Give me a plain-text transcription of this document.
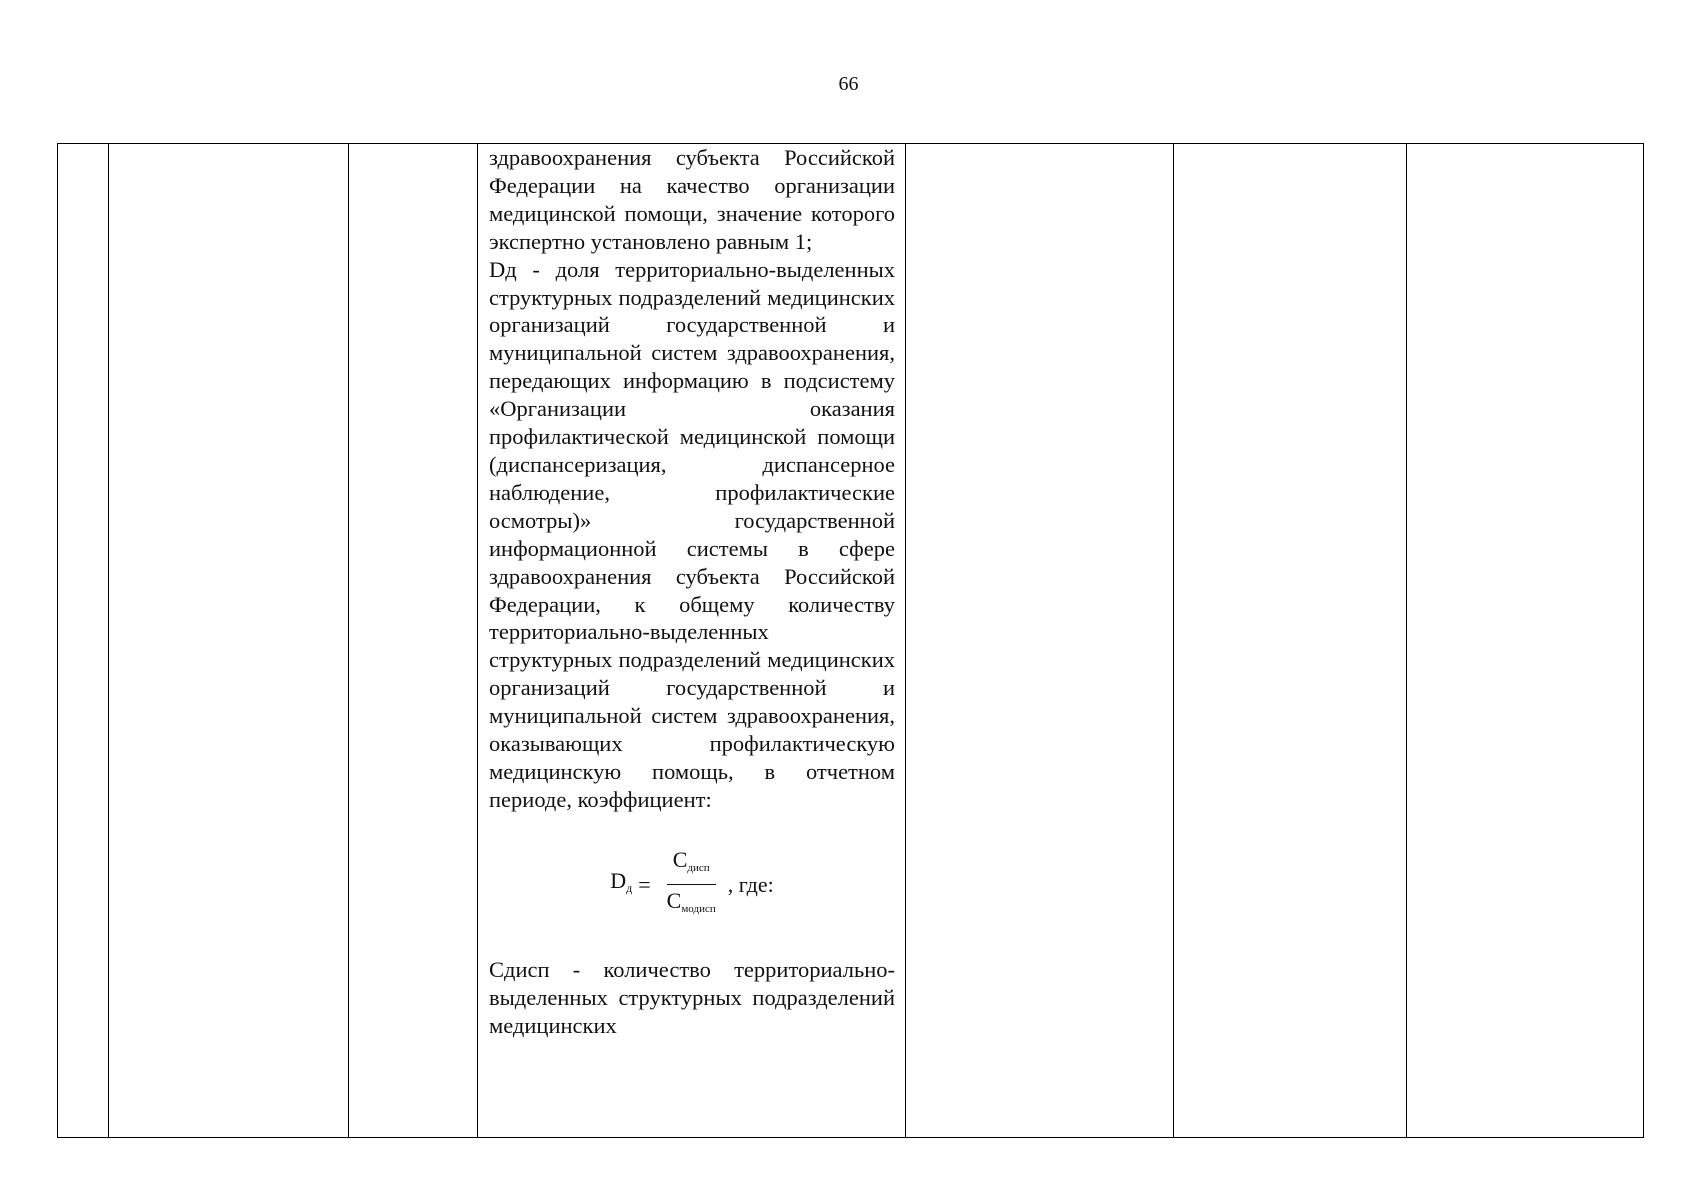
66

здравоохранения субъекта Российской Федерации на качество организации медицинской помощи, значение которого экспертно установлено равным 1;

Dд - доля территориально-выделенных структурных подразделений медицинских организаций государственной и муниципальной систем здравоохранения, передающих информацию в подсистему «Организации оказания профилактической медицинской помощи (диспансеризация, диспансерное наблюдение, профилактические осмотры)» государственной информационной системы в сфере здравоохранения субъекта Российской Федерации, к общему количеству территориально-выделенных структурных подразделений медицинских организаций государственной и муниципальной систем здравоохранения, оказывающих профилактическую медицинскую помощь, в отчетном периоде, коэффициент:

$D_д = \frac{C_{дисп}}{C_{модисп}}$ , где:

Сдисп - количество территориально-выделенных структурных подразделений медицинских
